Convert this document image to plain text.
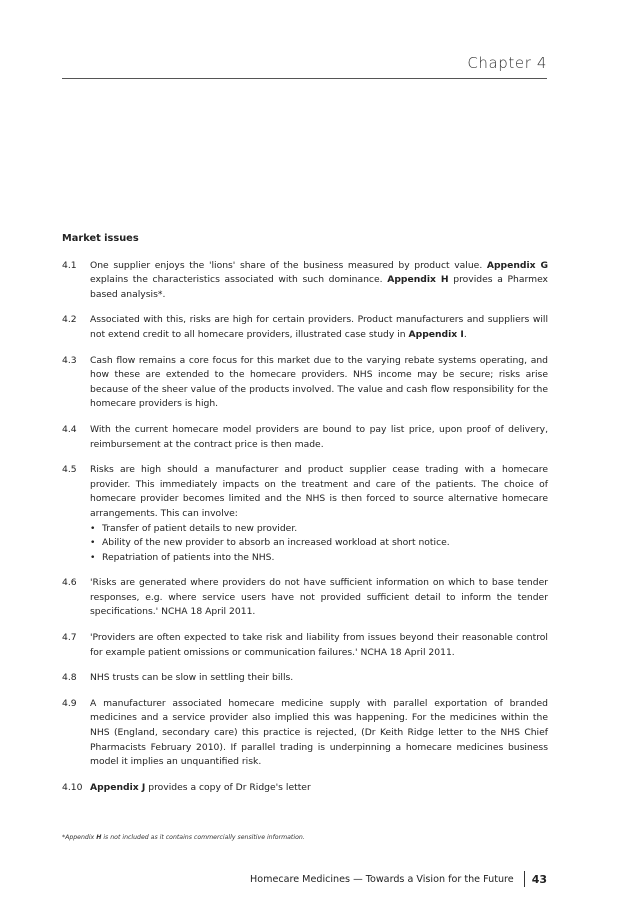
Chapter 4
Market issues
4.1	One supplier enjoys the 'lions' share of the business measured by product value. Appendix G explains the characteristics associated with such dominance. Appendix H provides a Pharmex based analysis*.
4.2	Associated with this, risks are high for certain providers. Product manufacturers and suppliers will not extend credit to all homecare providers, illustrated case study in Appendix I.
4.3	Cash flow remains a core focus for this market due to the varying rebate systems operating, and how these are extended to the homecare providers. NHS income may be secure; risks arise because of the sheer value of the products involved. The value and cash flow responsibility for the homecare providers is high.
4.4	With the current homecare model providers are bound to pay list price, upon proof of delivery, reimbursement at the contract price is then made.
4.5	Risks are high should a manufacturer and product supplier cease trading with a homecare provider. This immediately impacts on the treatment and care of the patients. The choice of homecare provider becomes limited and the NHS is then forced to source alternative homecare arrangements. This can involve:
• Transfer of patient details to new provider.
• Ability of the new provider to absorb an increased workload at short notice.
• Repatriation of patients into the NHS.
4.6	'Risks are generated where providers do not have sufficient information on which to base tender responses, e.g. where service users have not provided sufficient detail to inform the tender specifications.' NCHA 18 April 2011.
4.7	'Providers are often expected to take risk and liability from issues beyond their reasonable control for example patient omissions or communication failures.' NCHA 18 April 2011.
4.8	NHS trusts can be slow in settling their bills.
4.9	A manufacturer associated homecare medicine supply with parallel exportation of branded medicines and a service provider also implied this was happening. For the medicines within the NHS (England, secondary care) this practice is rejected, (Dr Keith Ridge letter to the NHS Chief Pharmacists February 2010). If parallel trading is underpinning a homecare medicines business model it implies an unquantified risk.
4.10 Appendix J provides a copy of Dr Ridge's letter
*Appendix H is not included as it contains commercially sensitive information.
Homecare Medicines — Towards a Vision for the Future 43
